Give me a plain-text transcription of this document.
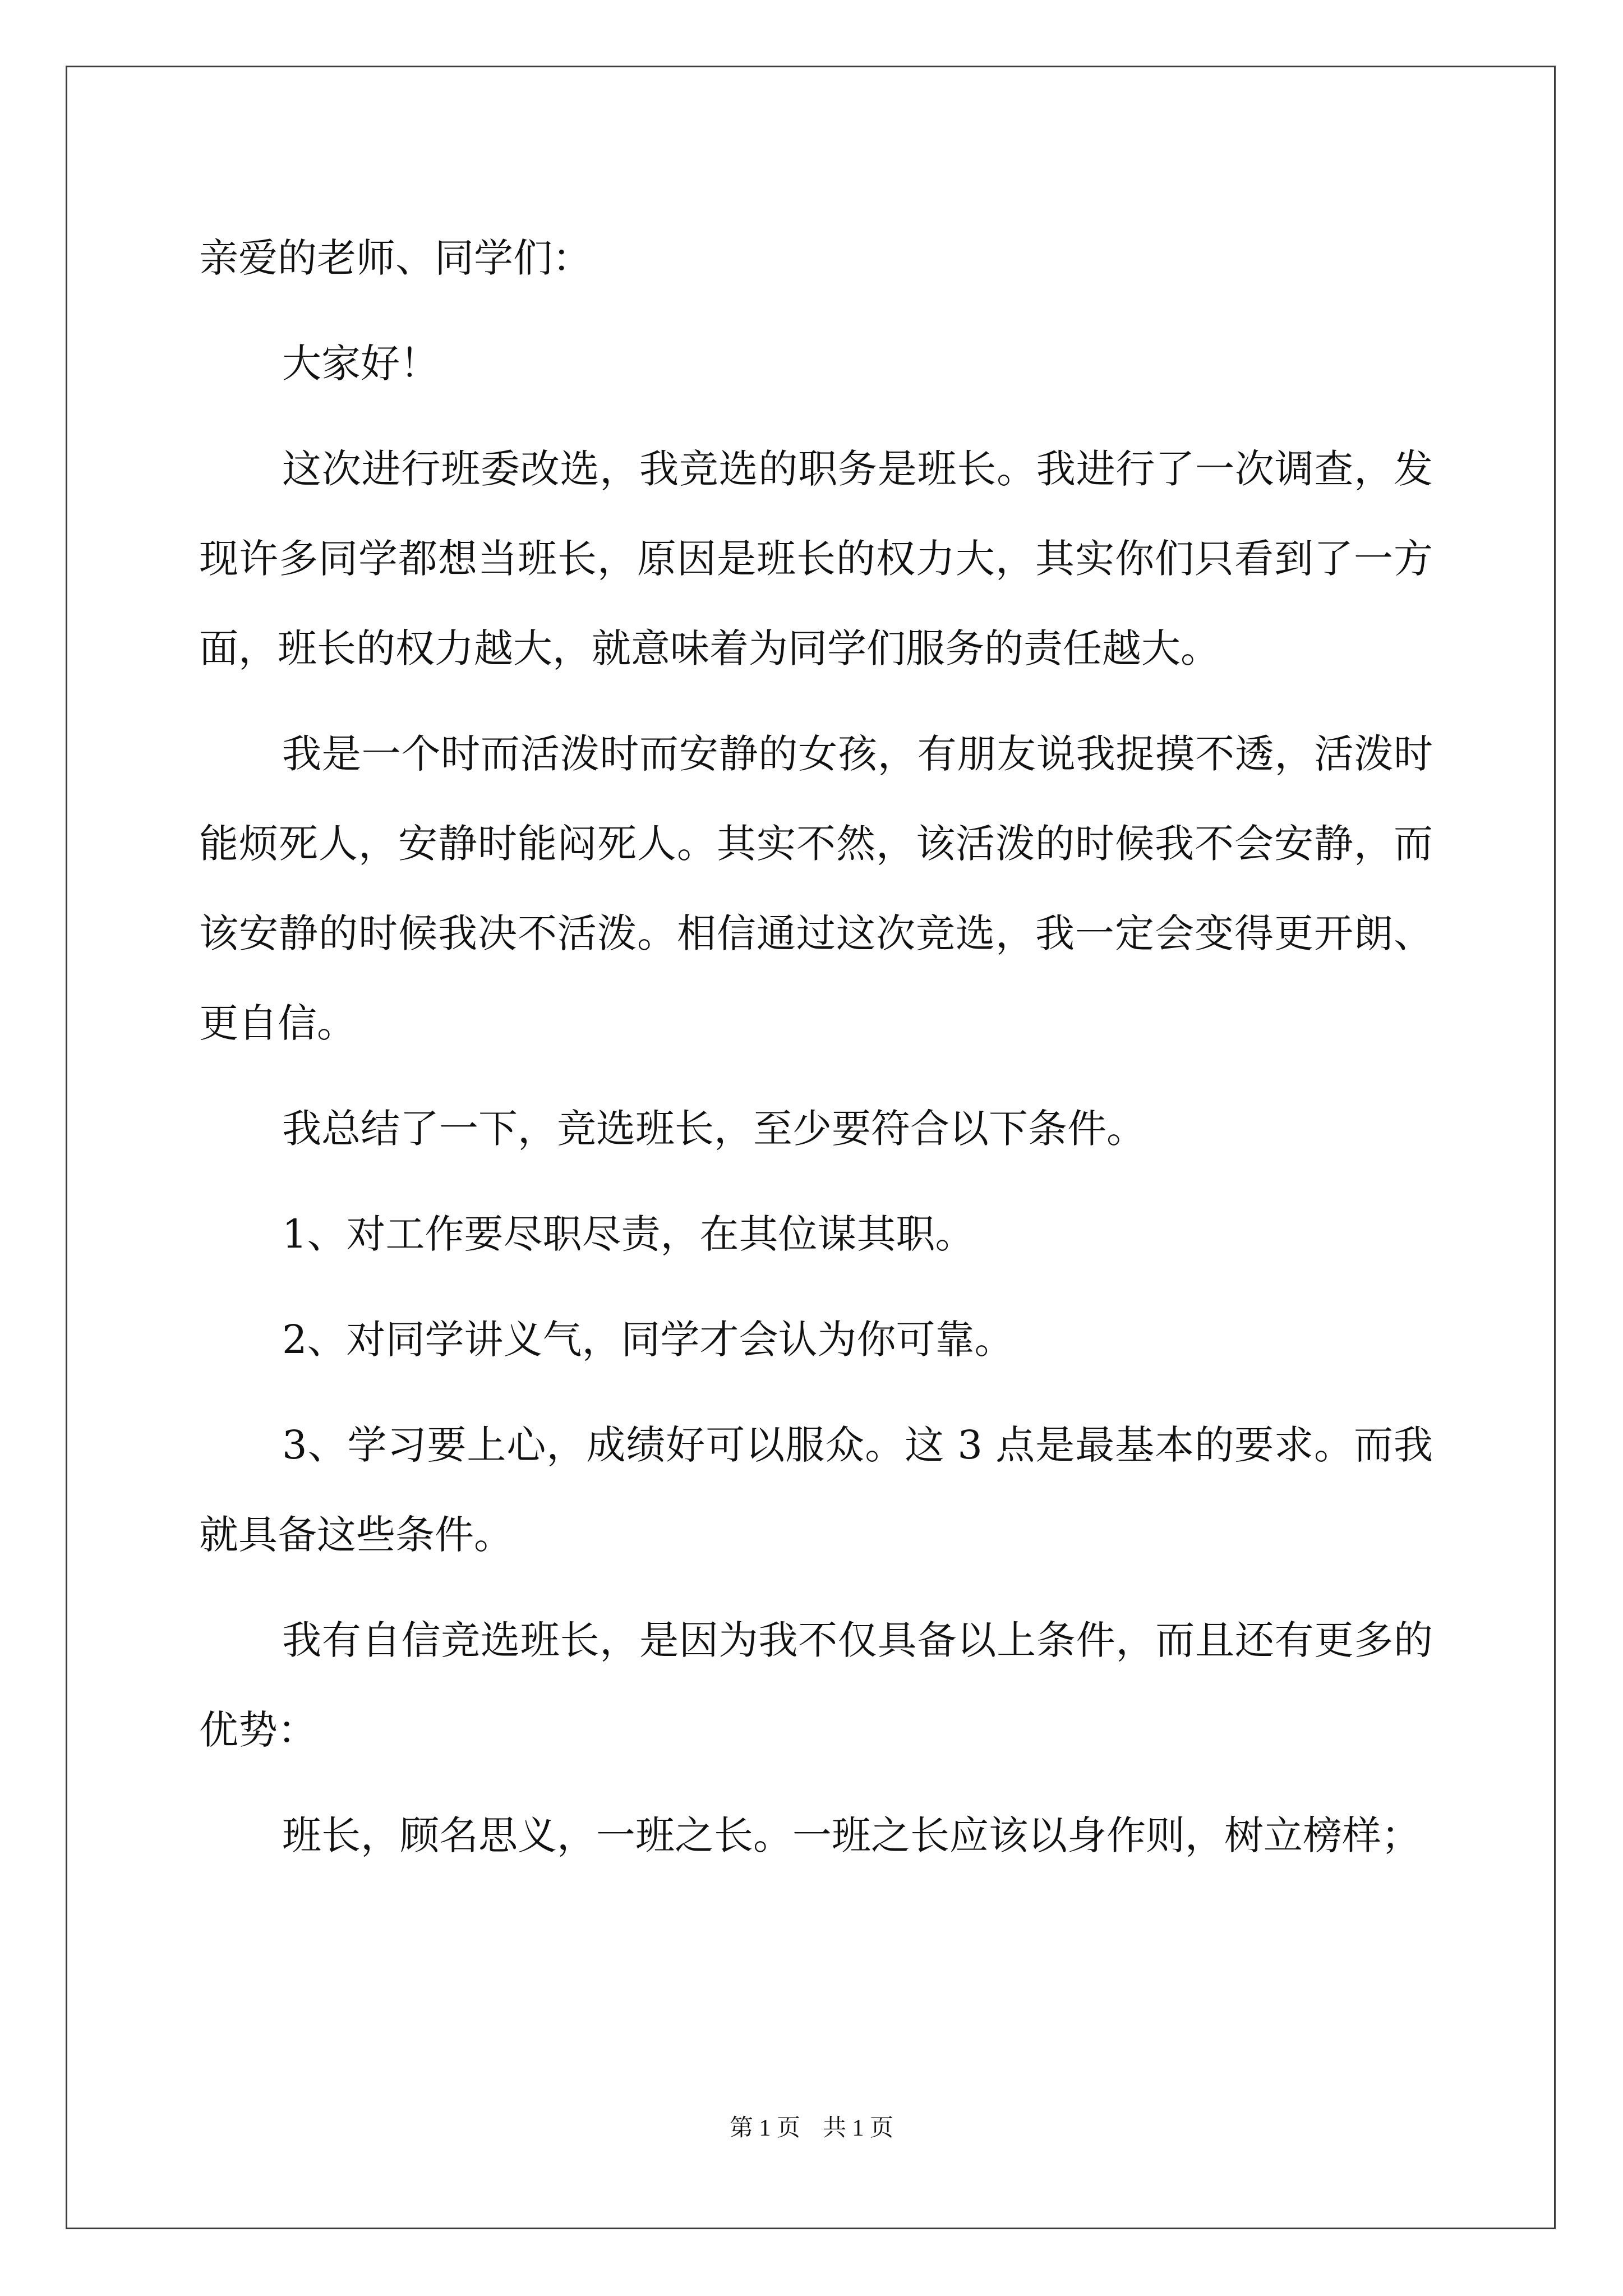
亲爱的老师、同学们：

大家好！

这次进行班委改选，我竞选的职务是班长。我进行了一次调查，发现许多同学都想当班长，原因是班长的权力大，其实你们只看到了一方面，班长的权力越大，就意味着为同学们服务的责任越大。

我是一个时而活泼时而安静的女孩，有朋友说我捉摸不透，活泼时能烦死人，安静时能闷死人。其实不然，该活泼的时候我不会安静，而该安静的时候我决不活泼。相信通过这次竞选，我一定会变得更开朗、更自信。

我总结了一下，竞选班长，至少要符合以下条件。

1、对工作要尽职尽责，在其位谋其职。

2、对同学讲义气，同学才会认为你可靠。

3、学习要上心，成绩好可以服众。这 3 点是最基本的要求。而我就具备这些条件。

我有自信竞选班长，是因为我不仅具备以上条件，而且还有更多的优势：

班长，顾名思义，一班之长。一班之长应该以身作则，树立榜样；

第 1 页 共 1 页
